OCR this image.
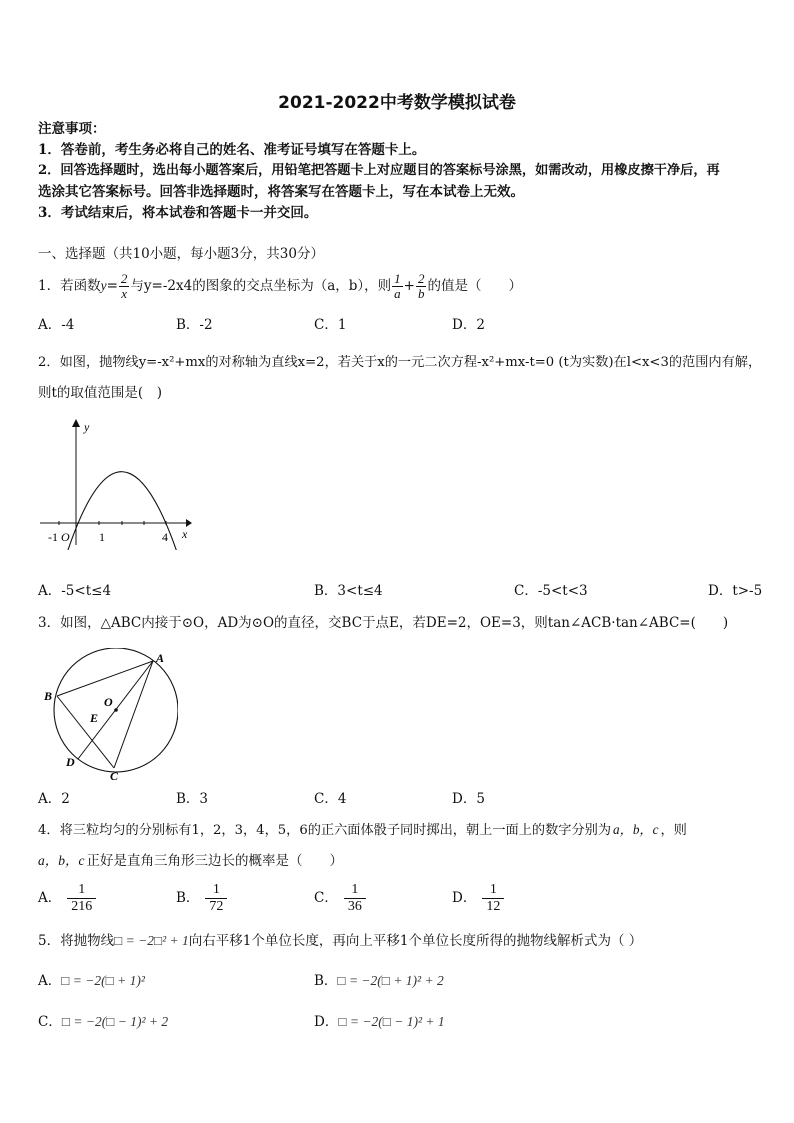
2021-2022中考数学模拟试卷
注意事项：
1．答卷前，考生务必将自己的姓名、准考证号填写在答题卡上。
2．回答选择题时，选出每小题答案后，用铅笔把答题卡上对应题目的答案标号涂黑，如需改动，用橡皮擦干净后，再
选涂其它答案标号。回答非选择题时，将答案写在答题卡上，写在本试卷上无效。
3．考试结束后，将本试卷和答题卡一并交回。
一、选择题（共10小题，每小题3分，共30分）
1．若函数$y= \frac{2}{x}$ 与y=-2x4的图象的交点坐标为（a，b），则 $\frac{1}{a} + \frac{2}{b}$ 的值是（　　）
A．-4	B．-2	C．1	D．2
2．如图，抛物线y=-x²+mx的对称轴为直线x=2，若关于x的一元二次方程-x²+mx-t=0 (t为实数)在l<x<3的范围内有解，
则t的取值范围是(　)
y
x
-1 O 1	4
A．-5<t≤4	B．3<t≤4	C．-5<t<3	D．t>-5
3．如图，△ABC内接于⊙O，AD为⊙O的直径，交BC于点E，若DE=2，OE=3，则tan∠ACB·tan∠ABC=(　　)
A
B
C
D
E
O
A．2	B．3	C．4	D．5
4．将三粒均匀的分别标有1，2，3，4，5，6的正六面体骰子同时掷出，朝上一面上的数字分别为 a，b，c ，则
a，b，c 正好是直角三角形三边长的概率是（　　）
A． $\frac{1}{216}$	B． $\frac{1}{72}$	C． $\frac{1}{36}$	D． $\frac{1}{12}$
5．将抛物线□ = −2□² + 1向右平移1个单位长度，再向上平移1个单位长度所得的抛物线解析式为（ ）
A．□ = −2(□ + 1)²	B．□ = −2(□ + 1)² + 2
C．□ = −2(□ − 1)² + 2	D．□ = −2(□ − 1)² + 1
